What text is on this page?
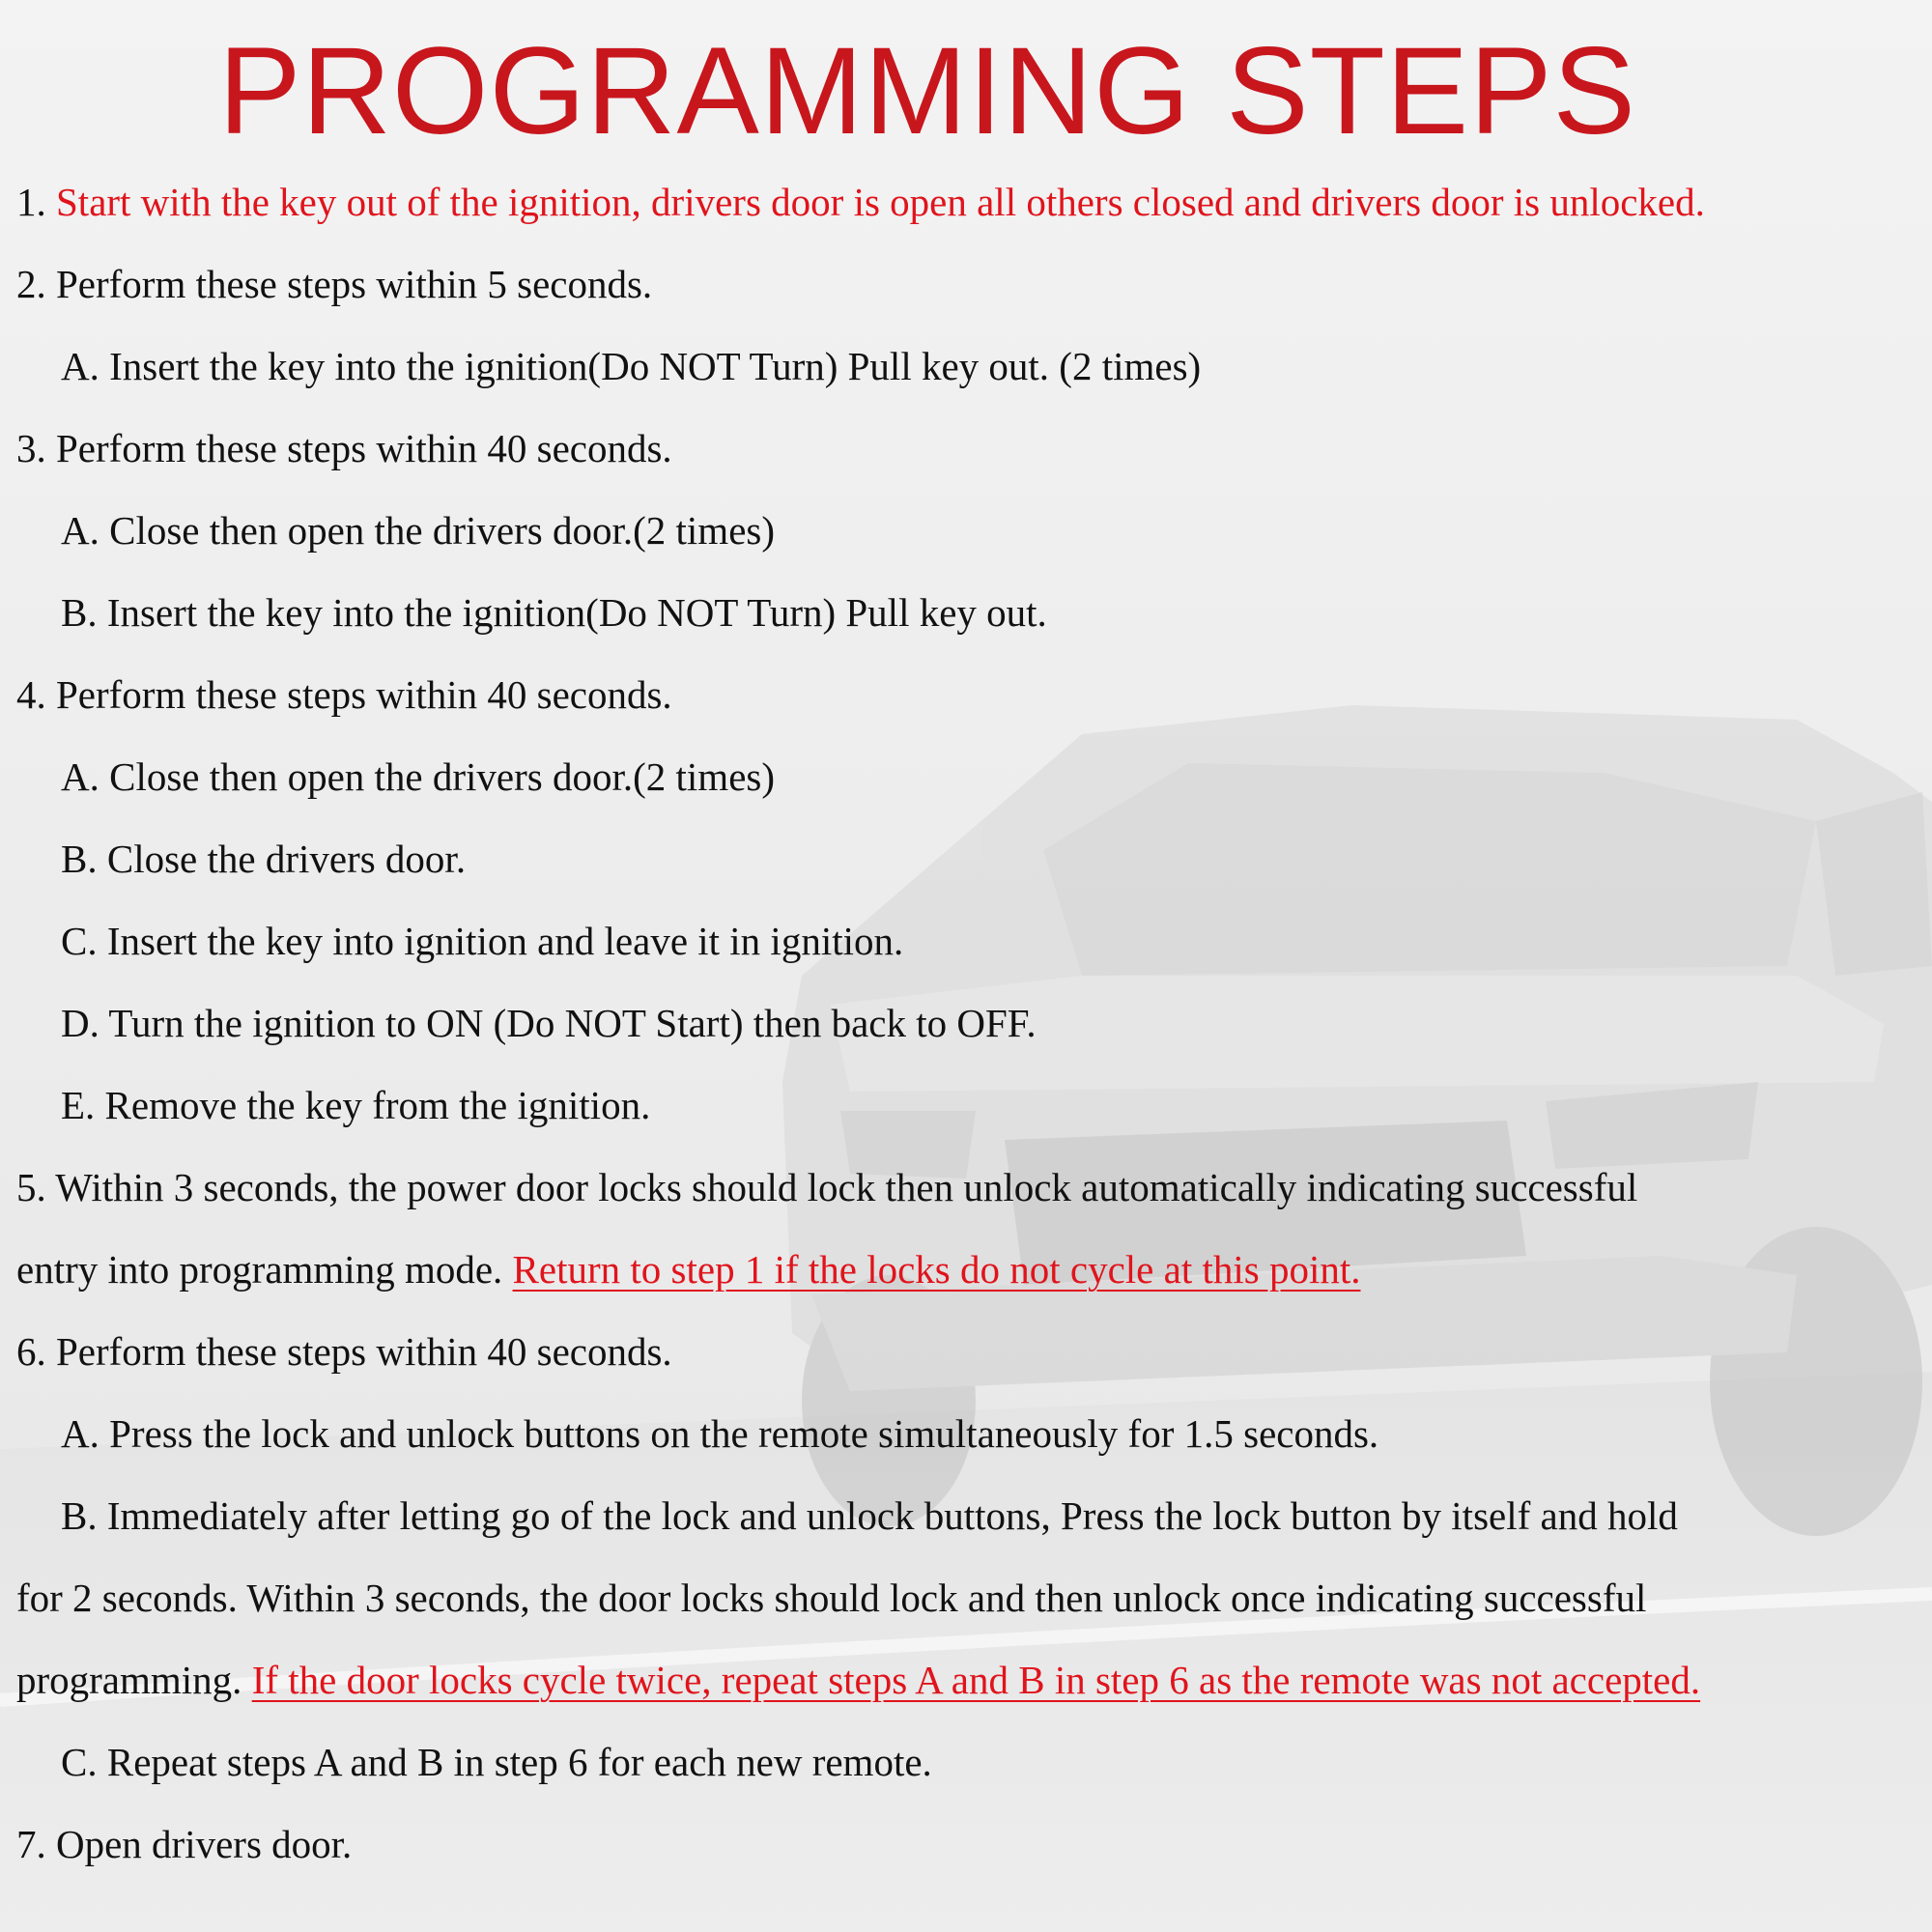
PROGRAMMING STEPS
1. Start with the key out of the ignition, drivers door is open all others closed and drivers door is unlocked.
2. Perform these steps within 5 seconds.
A. Insert the key into the ignition(Do NOT Turn) Pull key out. (2 times)
3. Perform these steps within 40 seconds.
A. Close then open the drivers door.(2 times)
B. Insert the key into the ignition(Do NOT Turn) Pull key out.
4. Perform these steps within 40 seconds.
A. Close then open the drivers door.(2 times)
B. Close the drivers door.
C. Insert the key into ignition and leave it in ignition.
D. Turn the ignition to ON (Do NOT Start) then back to OFF.
E. Remove the key from the ignition.
5. Within 3 seconds, the power door locks should lock then unlock automatically indicating successful
entry into programming mode. Return to step 1 if the locks do not cycle at this point.
6. Perform these steps within 40 seconds.
A. Press the lock and unlock buttons on the remote simultaneously for 1.5 seconds.
B. Immediately after letting go of the lock and unlock buttons, Press the lock button by itself and hold
for 2 seconds. Within 3 seconds, the door locks should lock and then unlock once indicating successful
programming. If the door locks cycle twice, repeat steps A and B in step 6 as the remote was not accepted.
C. Repeat steps A and B in step 6 for each new remote.
7. Open drivers door.
